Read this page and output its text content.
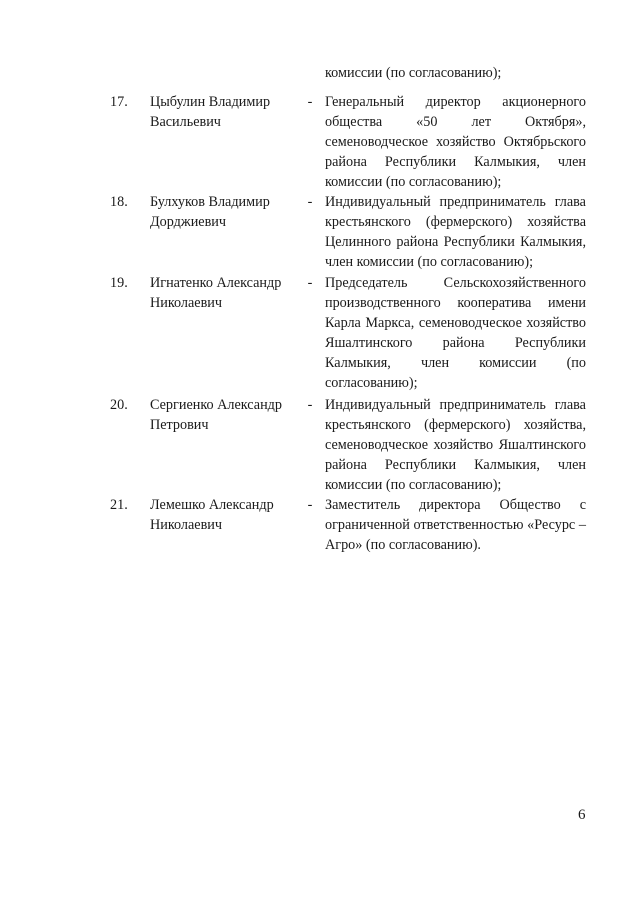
комиссии (по согласованию);
17.	Цыбулин Владимир
Васильевич
- Генеральный директор акционерного
общества «50 лет Октября»,
семеноводческое хозяйство Октябрьского
района Республики Калмыкия, член
комиссии (по согласованию);
18.	Булхуков Владимир
Дорджиевич
- Индивидуальный предприниматель глава
крестьянского (фермерского) хозяйства
Целинного района Республики Калмыкия,
член комиссии (по согласованию);
19.	Игнатенко Александр
Николаевич
- Председатель Сельскохозяйственного
производственного кооператива имени
Карла Маркса, семеноводческое хозяйство
Яшалтинского района Республики
Калмыкия, член комиссии (по
согласованию);
20.	Сергиенко Александр
Петрович
- Индивидуальный предприниматель глава
крестьянского (фермерского) хозяйства,
семеноводческое хозяйство Яшалтинского
района Республики Калмыкия, член
комиссии (по согласованию);
21.	Лемешко Александр
Николаевич
- Заместитель директора Общество с
ограниченной ответственностью «Ресурс –
Агро» (по согласованию).
6
